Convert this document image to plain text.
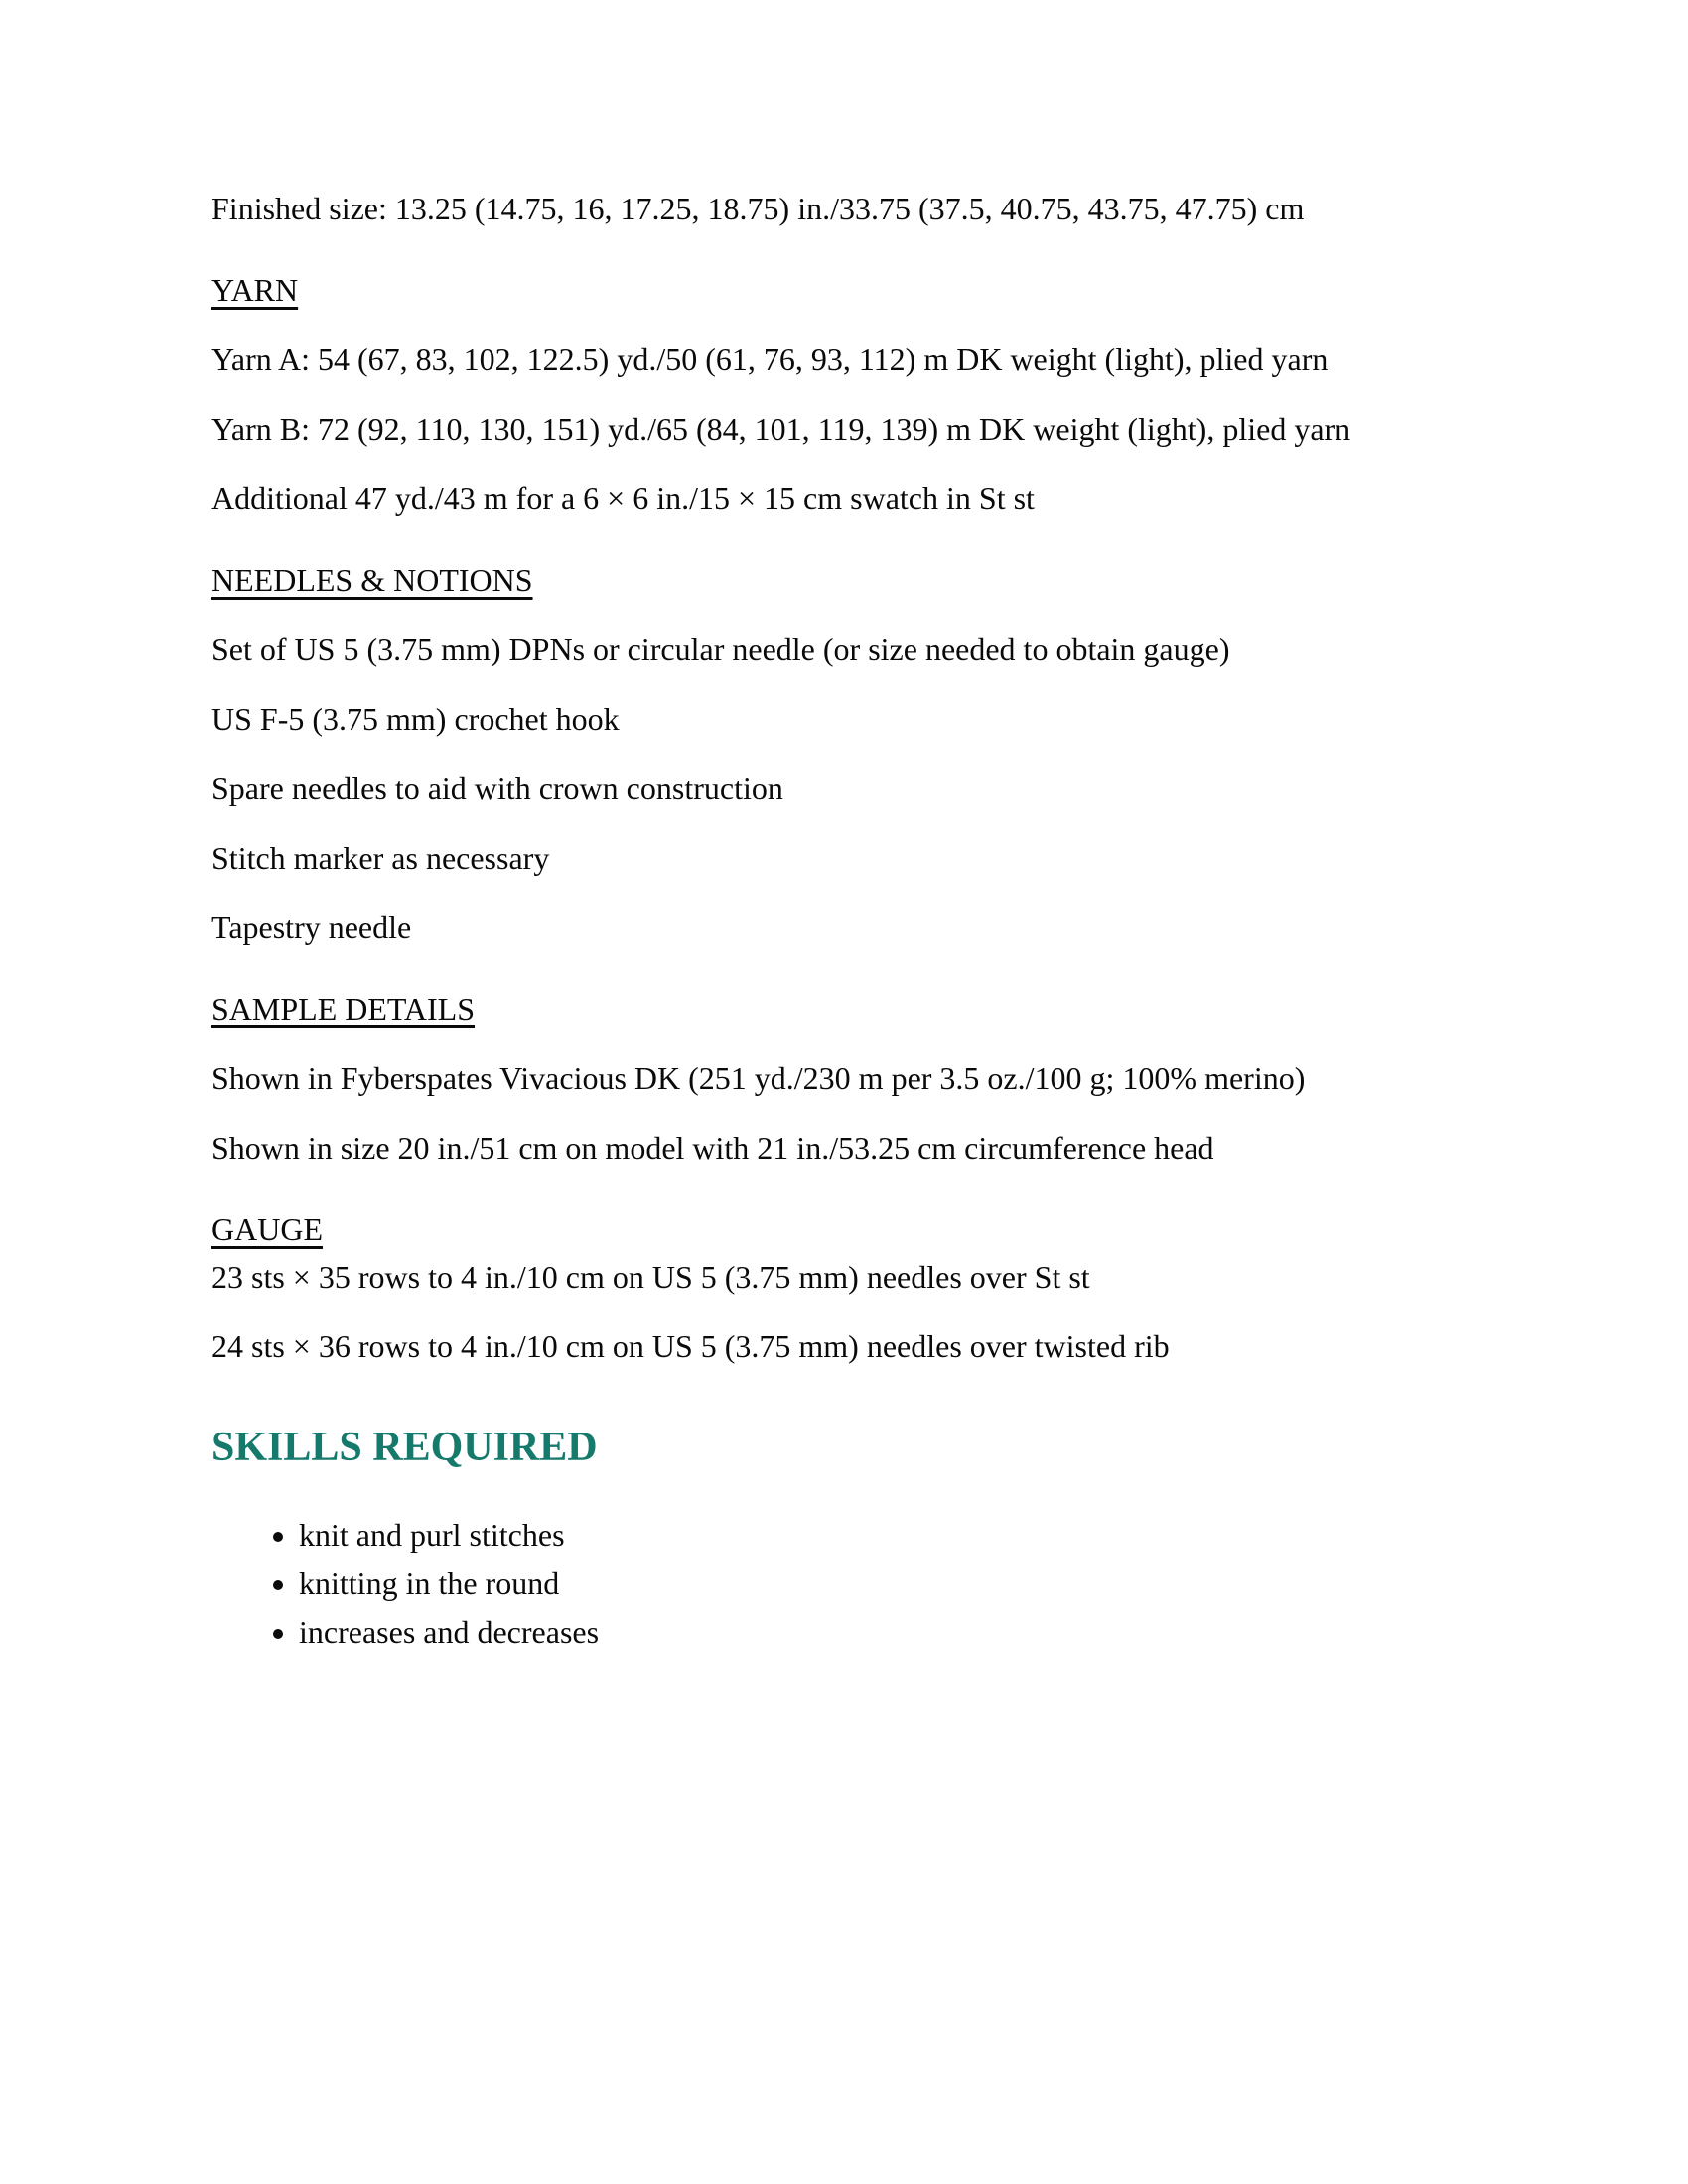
Finished size: 13.25 (14.75, 16, 17.25, 18.75) in./33.75 (37.5, 40.75, 43.75, 47.75) cm

YARN

Yarn A: 54 (67, 83, 102, 122.5) yd./50 (61, 76, 93, 112) m DK weight (light), plied yarn

Yarn B: 72 (92, 110, 130, 151) yd./65 (84, 101, 119, 139) m DK weight (light), plied yarn

Additional 47 yd./43 m for a 6 × 6 in./15 × 15 cm swatch in St st

NEEDLES & NOTIONS

Set of US 5 (3.75 mm) DPNs or circular needle (or size needed to obtain gauge)

US F-5 (3.75 mm) crochet hook

Spare needles to aid with crown construction

Stitch marker as necessary

Tapestry needle

SAMPLE DETAILS

Shown in Fyberspates Vivacious DK (251 yd./230 m per 3.5 oz./100 g; 100% merino)

Shown in size 20 in./51 cm on model with 21 in./53.25 cm circumference head

GAUGE

23 sts × 35 rows to 4 in./10 cm on US 5 (3.75 mm) needles over St st

24 sts × 36 rows to 4 in./10 cm on US 5 (3.75 mm) needles over twisted rib

SKILLS REQUIRED
• knit and purl stitches
• knitting in the round
• increases and decreases
